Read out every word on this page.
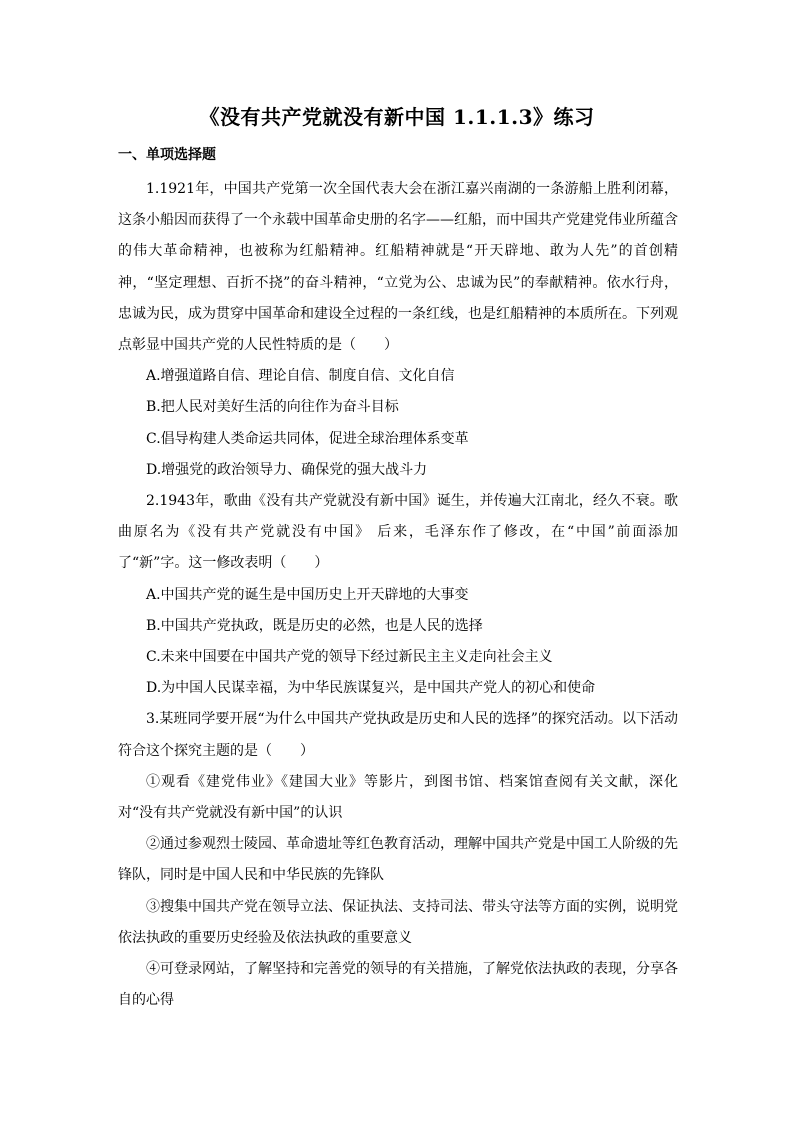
《没有共产党就没有新中国 1.1.1.3》练习
一、单项选择题

1.1921年，中国共产党第一次全国代表大会在浙江嘉兴南湖的一条游船上胜利闭幕，这条小船因而获得了一个永载中国革命史册的名字——红船，而中国共产党建党伟业所蕴含的伟大革命精神，也被称为红船精神。红船精神就是“开天辟地、敢为人先”的首创精神，“坚定理想、百折不挠”的奋斗精神，“立党为公、忠诚为民”的奉献精神。依水行舟，忠诚为民，成为贯穿中国革命和建设全过程的一条红线，也是红船精神的本质所在。下列观点彰显中国共产党的人民性特质的是（　　）

A.增强道路自信、理论自信、制度自信、文化自信

B.把人民对美好生活的向往作为奋斗目标

C.倡导构建人类命运共同体，促进全球治理体系变革

D.增强党的政治领导力、确保党的强大战斗力

2.1943年，歌曲《没有共产党就没有新中国》诞生，并传遍大江南北，经久不衰。歌曲原名为《没有共产党就没有中国》 后来，毛泽东作了修改，在“中国”前面添加了“新”字。这一修改表明（　　）

A.中国共产党的诞生是中国历史上开天辟地的大事变

B.中国共产党执政，既是历史的必然，也是人民的选择

C.未来中国要在中国共产党的领导下经过新民主主义走向社会主义

D.为中国人民谋幸福，为中华民族谋复兴，是中国共产党人的初心和使命

3.某班同学要开展“为什么中国共产党执政是历史和人民的选择”的探究活动。以下活动符合这个探究主题的是（　　）

①观看《建党伟业》《建国大业》等影片，到图书馆、档案馆查阅有关文献，深化对“没有共产党就没有新中国”的认识

②通过参观烈士陵园、革命遗址等红色教育活动，理解中国共产党是中国工人阶级的先锋队，同时是中国人民和中华民族的先锋队

③搜集中国共产党在领导立法、保证执法、支持司法、带头守法等方面的实例，说明党依法执政的重要历史经验及依法执政的重要意义

④可登录网站，了解坚持和完善党的领导的有关措施，了解党依法执政的表现，分享各自的心得
